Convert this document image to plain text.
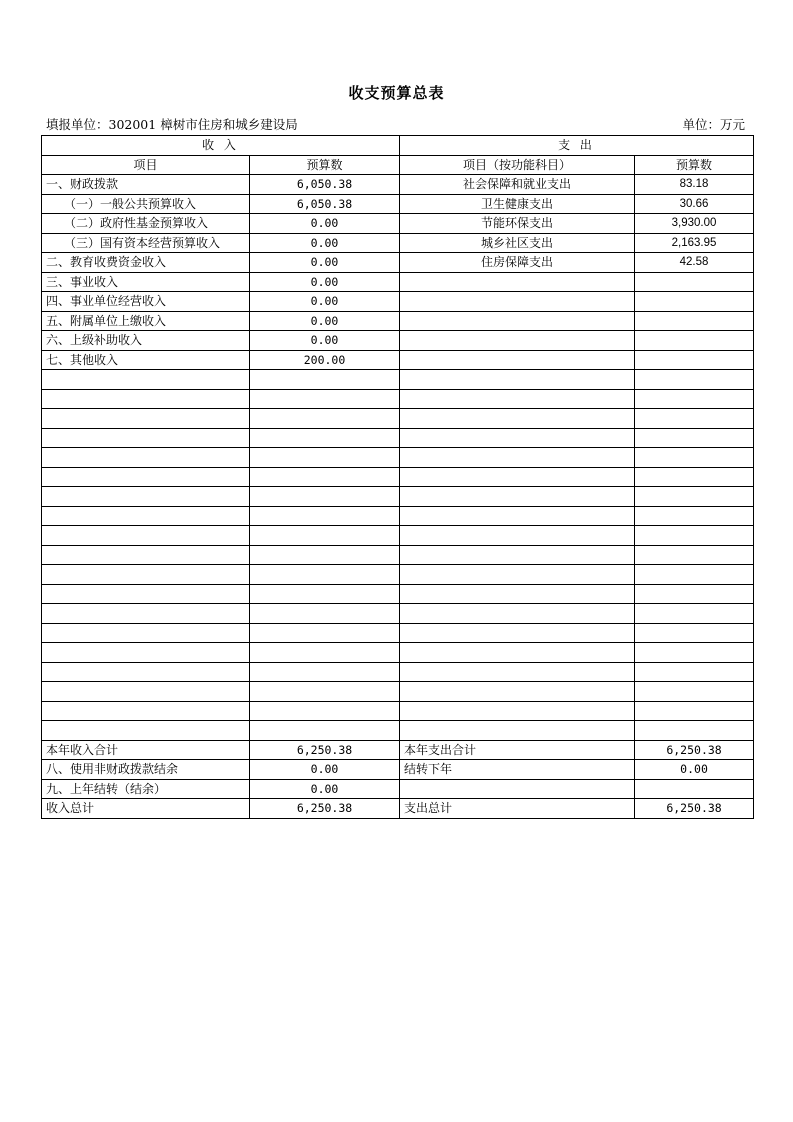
收支预算总表
填报单位：302001 樟树市住房和城乡建设局	单位：万元
收 入		支 出	
项目	预算数	项目（按功能科目）	预算数
一、财政拨款	6,050.38	社会保障和就业支出	83.18
（一）一般公共预算收入	6,050.38	卫生健康支出	30.66
（二）政府性基金预算收入	0.00	节能环保支出	3,930.00
（三）国有资本经营预算收入	0.00	城乡社区支出	2,163.95
二、教育收费资金收入	0.00	住房保障支出	42.58
三、事业收入	0.00		
四、事业单位经营收入	0.00		
五、附属单位上缴收入	0.00		
六、上级补助收入	0.00		
七、其他收入	200.00		

本年收入合计	6,250.38	本年支出合计	6,250.38
八、使用非财政拨款结余	0.00	结转下年	0.00
九、上年结转（结余）	0.00		
收入总计	6,250.38	支出总计	6,250.38
